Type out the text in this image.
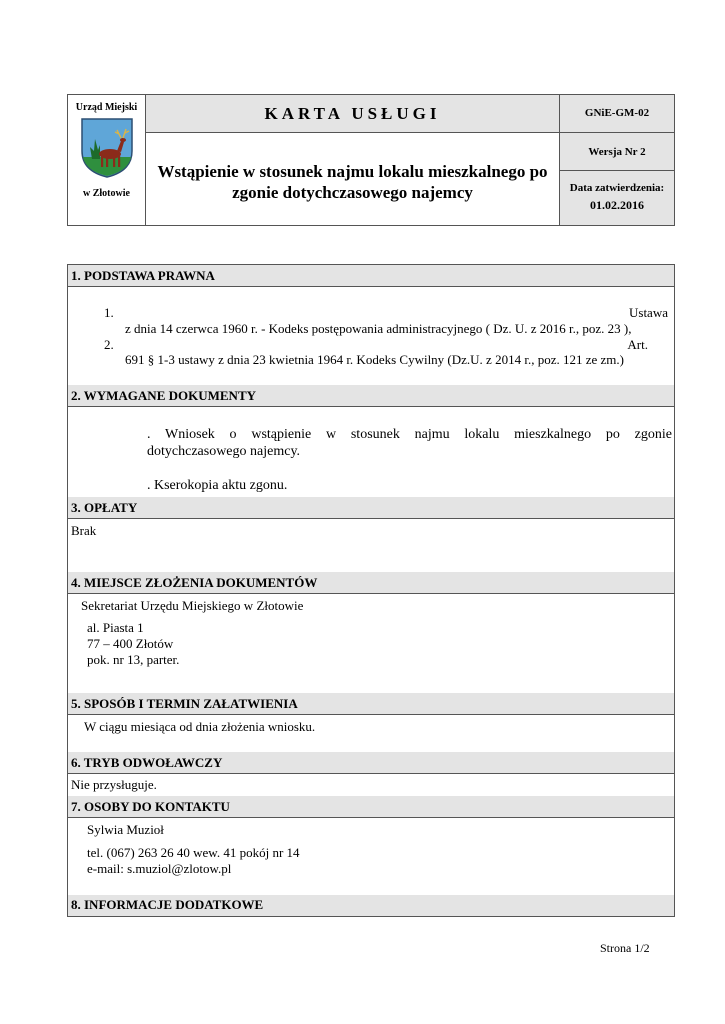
Urząd Miejski
w Złotowie
KARTA USŁUGI
Wstąpienie w stosunek najmu lokalu mieszkalnego po
zgonie dotychczasowego najemcy
GNiE-GM-02
Wersja Nr 2
Data zatwierdzenia:
01.02.2016
1. PODSTAWA PRAWNA
1.	Ustawa
z dnia 14 czerwca 1960 r. - Kodeks postępowania administracyjnego ( Dz. U. z 2016 r., poz. 23 ),
2.	Art.
691 § 1-3 ustawy z dnia 23 kwietnia 1964 r. Kodeks Cywilny (Dz.U. z 2014 r., poz. 121 ze zm.)
2. WYMAGANE DOKUMENTY
. Wniosek o wstąpienie w stosunek najmu lokalu mieszkalnego po zgonie
dotychczasowego najemcy.
. Kserokopia aktu zgonu.
3. OPŁATY
Brak
4. MIEJSCE ZŁOŻENIA DOKUMENTÓW
Sekretariat Urzędu Miejskiego w Złotowie
al. Piasta 1
77 – 400 Złotów
pok. nr 13, parter.
5. SPOSÓB I TERMIN ZAŁATWIENIA
W ciągu miesiąca od dnia złożenia wniosku.
6. TRYB ODWOŁAWCZY
Nie przysługuje.
7. OSOBY DO KONTAKTU
Sylwia Muzioł
tel. (067) 263 26 40 wew. 41 pokój nr 14
e-mail: s.muziol@zlotow.pl
8. INFORMACJE DODATKOWE
Strona 1/2
